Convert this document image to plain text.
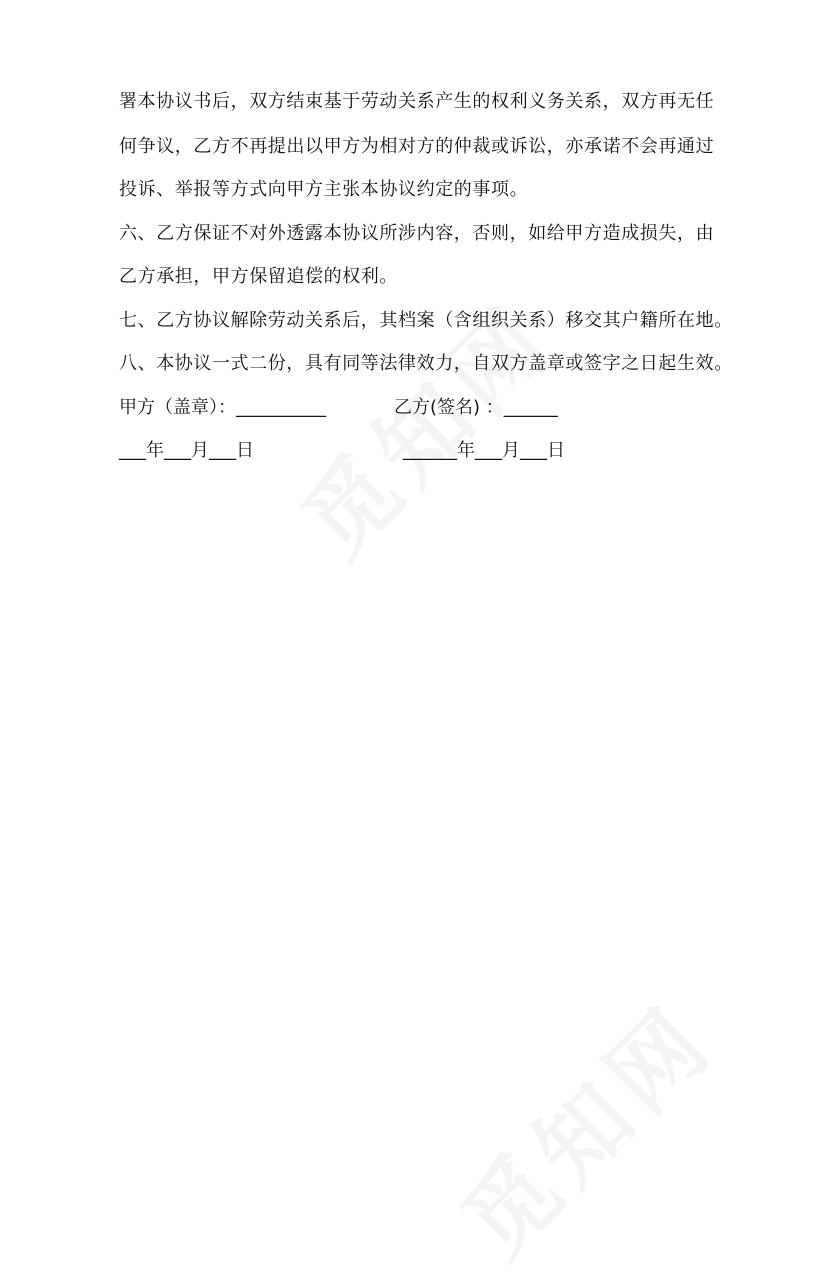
署本协议书后，双方结束基于劳动关系产生的权利义务关系，双方再无任
何争议，乙方不再提出以甲方为相对方的仲裁或诉讼，亦承诺不会再通过
投诉、举报等方式向甲方主张本协议约定的事项。
六、乙方保证不对外透露本协议所涉内容，否则，如给甲方造成损失，由
乙方承担，甲方保留追偿的权利。
七、乙方协议解除劳动关系后，其档案（含组织关系）移交其户籍所在地。
八、本协议一式二份，具有同等法律效力，自双方盖章或签字之日起生效。
甲方（盖章）：__________	乙方(签名) ：______
___年___月___日	______年___月___日
